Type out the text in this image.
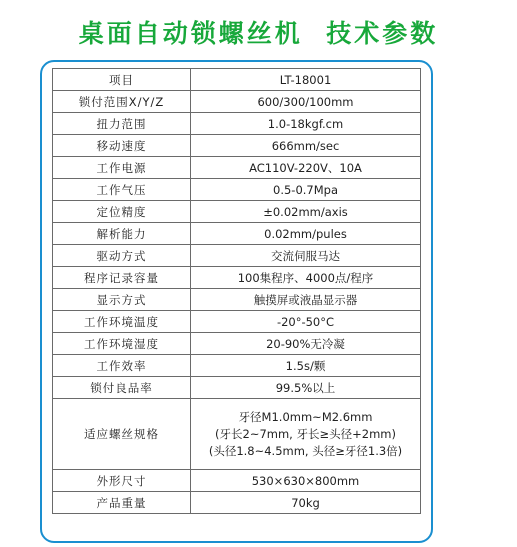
桌面自动锁螺丝机  技术参数
项目	LT-18001
锁付范围X/Y/Z	600/300/100mm
扭力范围	1.0-18kgf.cm
移动速度	666mm/sec
工作电源	AC110V-220V、10A
工作气压	0.5-0.7Mpa
定位精度	±0.02mm/axis
解析能力	0.02mm/pules
驱动方式	交流伺服马达
程序记录容量	100集程序、4000点/程序
显示方式	触摸屏或液晶显示器
工作环境温度	-20°-50°C
工作环境湿度	20-90%无冷凝
工作效率	1.5s/颗
锁付良品率	99.5%以上
适应螺丝规格	牙径M1.0mm~M2.6mm
(牙长2~7mm, 牙长≥头径+2mm)
(头径1.8~4.5mm, 头径≥牙径1.3倍)

外形尺寸	530×630×800mm
产品重量	70kg
